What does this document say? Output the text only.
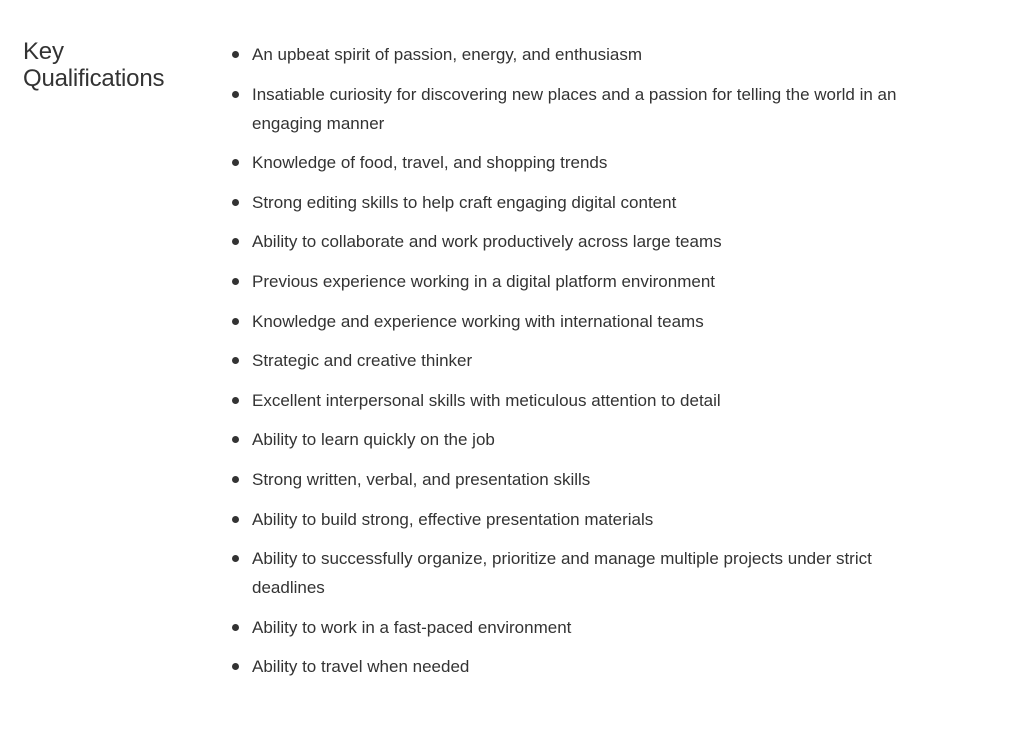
Key
Qualifications
An upbeat spirit of passion, energy, and enthusiasm
Insatiable curiosity for discovering new places and a passion for telling the world in an engaging manner
Knowledge of food, travel, and shopping trends
Strong editing skills to help craft engaging digital content
Ability to collaborate and work productively across large teams
Previous experience working in a digital platform environment
Knowledge and experience working with international teams
Strategic and creative thinker
Excellent interpersonal skills with meticulous attention to detail
Ability to learn quickly on the job
Strong written, verbal, and presentation skills
Ability to build strong, effective presentation materials
Ability to successfully organize, prioritize and manage multiple projects under strict deadlines
Ability to work in a fast-paced environment
Ability to travel when needed
